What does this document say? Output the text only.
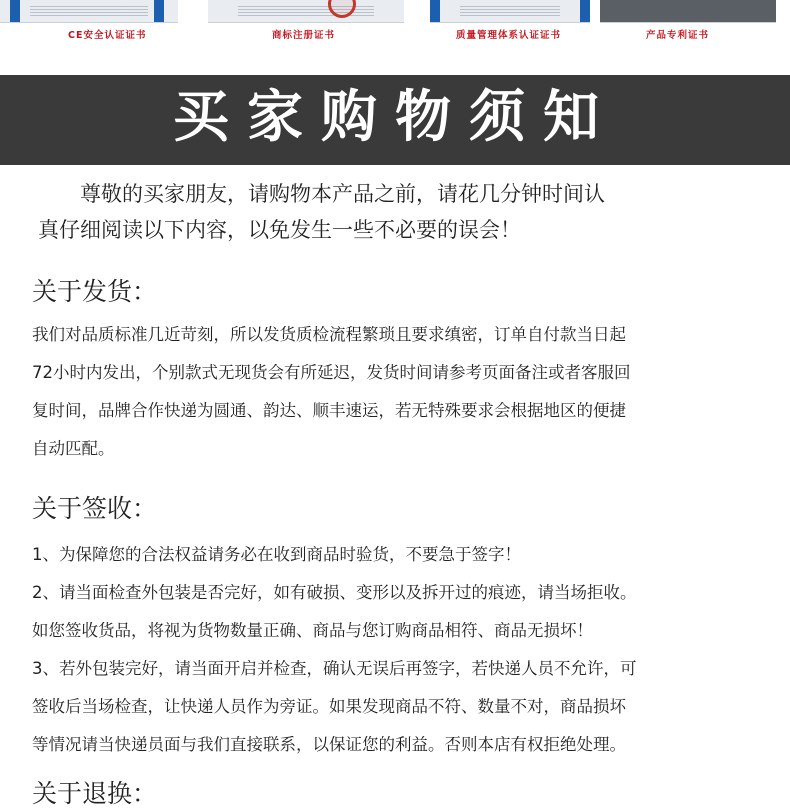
CE安全认证证书	商标注册证书	质量管理体系认证证书	产品专利证书
买家购物须知
尊敬的买家朋友，请购物本产品之前，请花几分钟时间认
真仔细阅读以下内容，以免发生一些不必要的误会！
关于发货：

我们对品质标准几近苛刻，所以发货质检流程繁琐且要求缜密，订单自付款当日起

72小时内发出，个别款式无现货会有所延迟，发货时间请参考页面备注或者客服回

复时间，品牌合作快递为圆通、韵达、顺丰速运，若无特殊要求会根据地区的便捷

自动匹配。

关于签收：

1、为保障您的合法权益请务必在收到商品时验货，不要急于签字！

2、请当面检查外包装是否完好，如有破损、变形以及拆开过的痕迹，请当场拒收。

如您签收货品，将视为货物数量正确、商品与您订购商品相符、商品无损坏！

3、若外包装完好，请当面开启并检查，确认无误后再签字，若快递人员不允许，可

签收后当场检查，让快递人员作为旁证。如果发现商品不符、数量不对，商品损坏

等情况请当快递员面与我们直接联系，以保证您的利益。否则本店有权拒绝处理。

关于退换：
